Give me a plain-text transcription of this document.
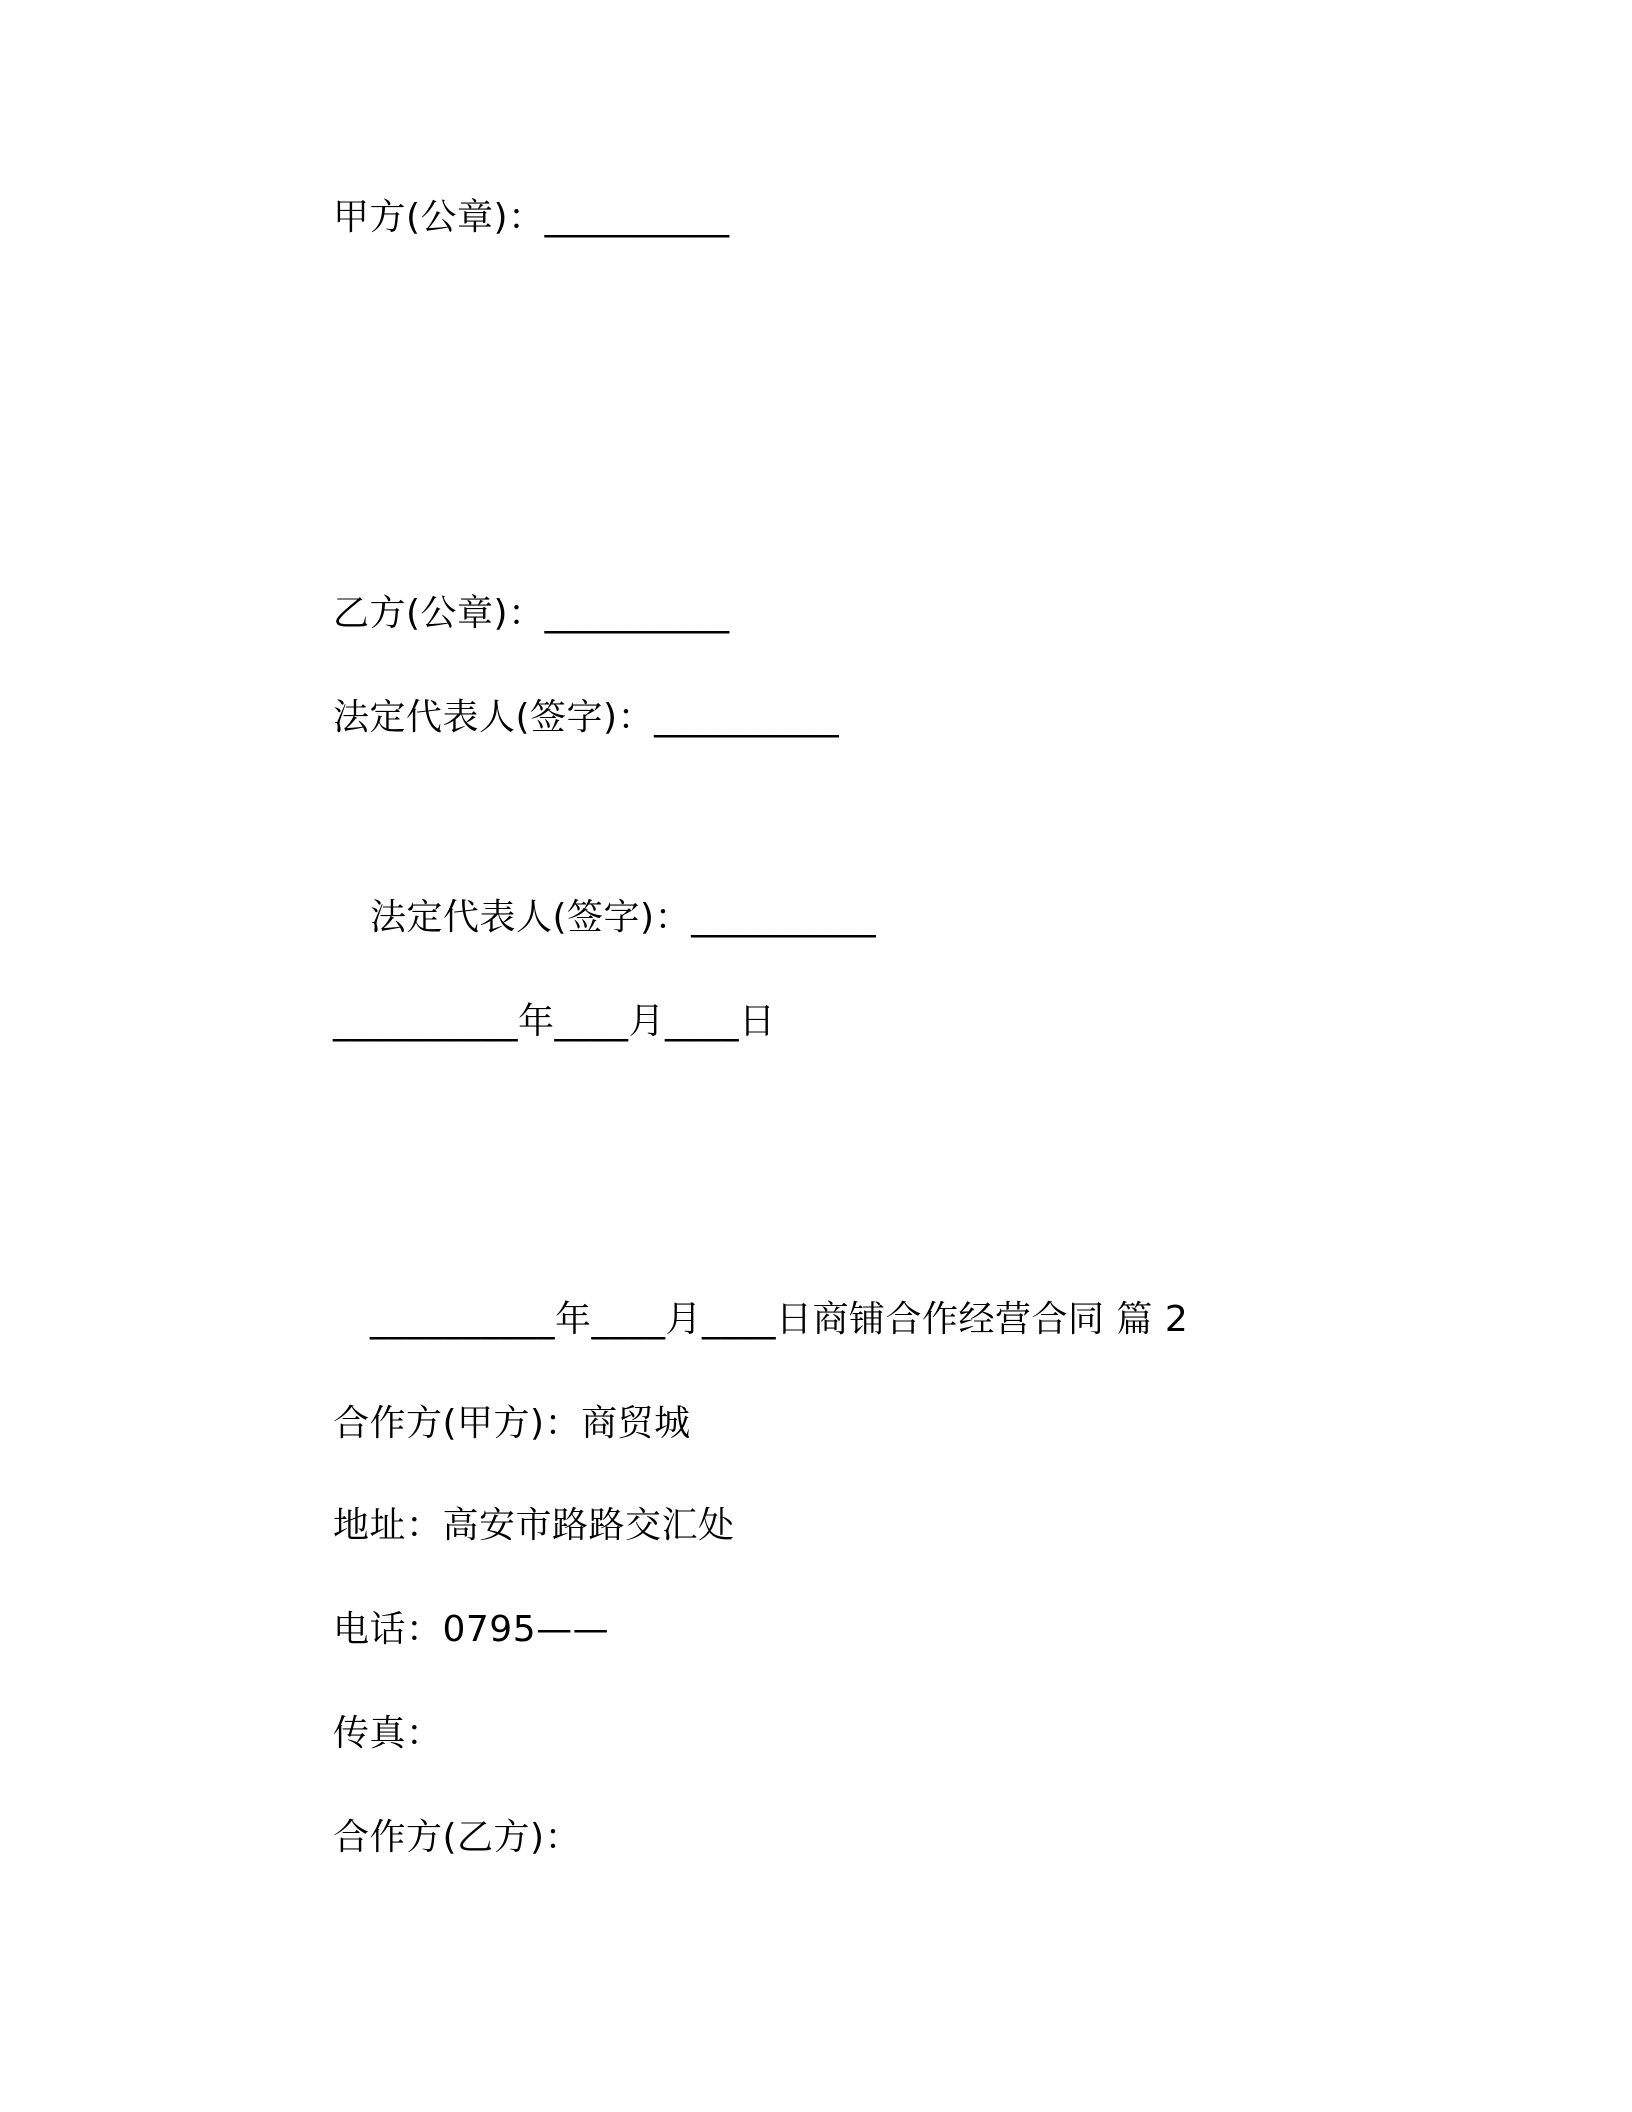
甲方(公章)：__________
乙方(公章)：__________
法定代表人(签字)：__________
法定代表人(签字)：__________
__________年____月____日
__________年____月____日商铺合作经营合同 篇 2
合作方(甲方)：商贸城
地址：高安市路路交汇处
电话：0795——
传真：
合作方(乙方)：
